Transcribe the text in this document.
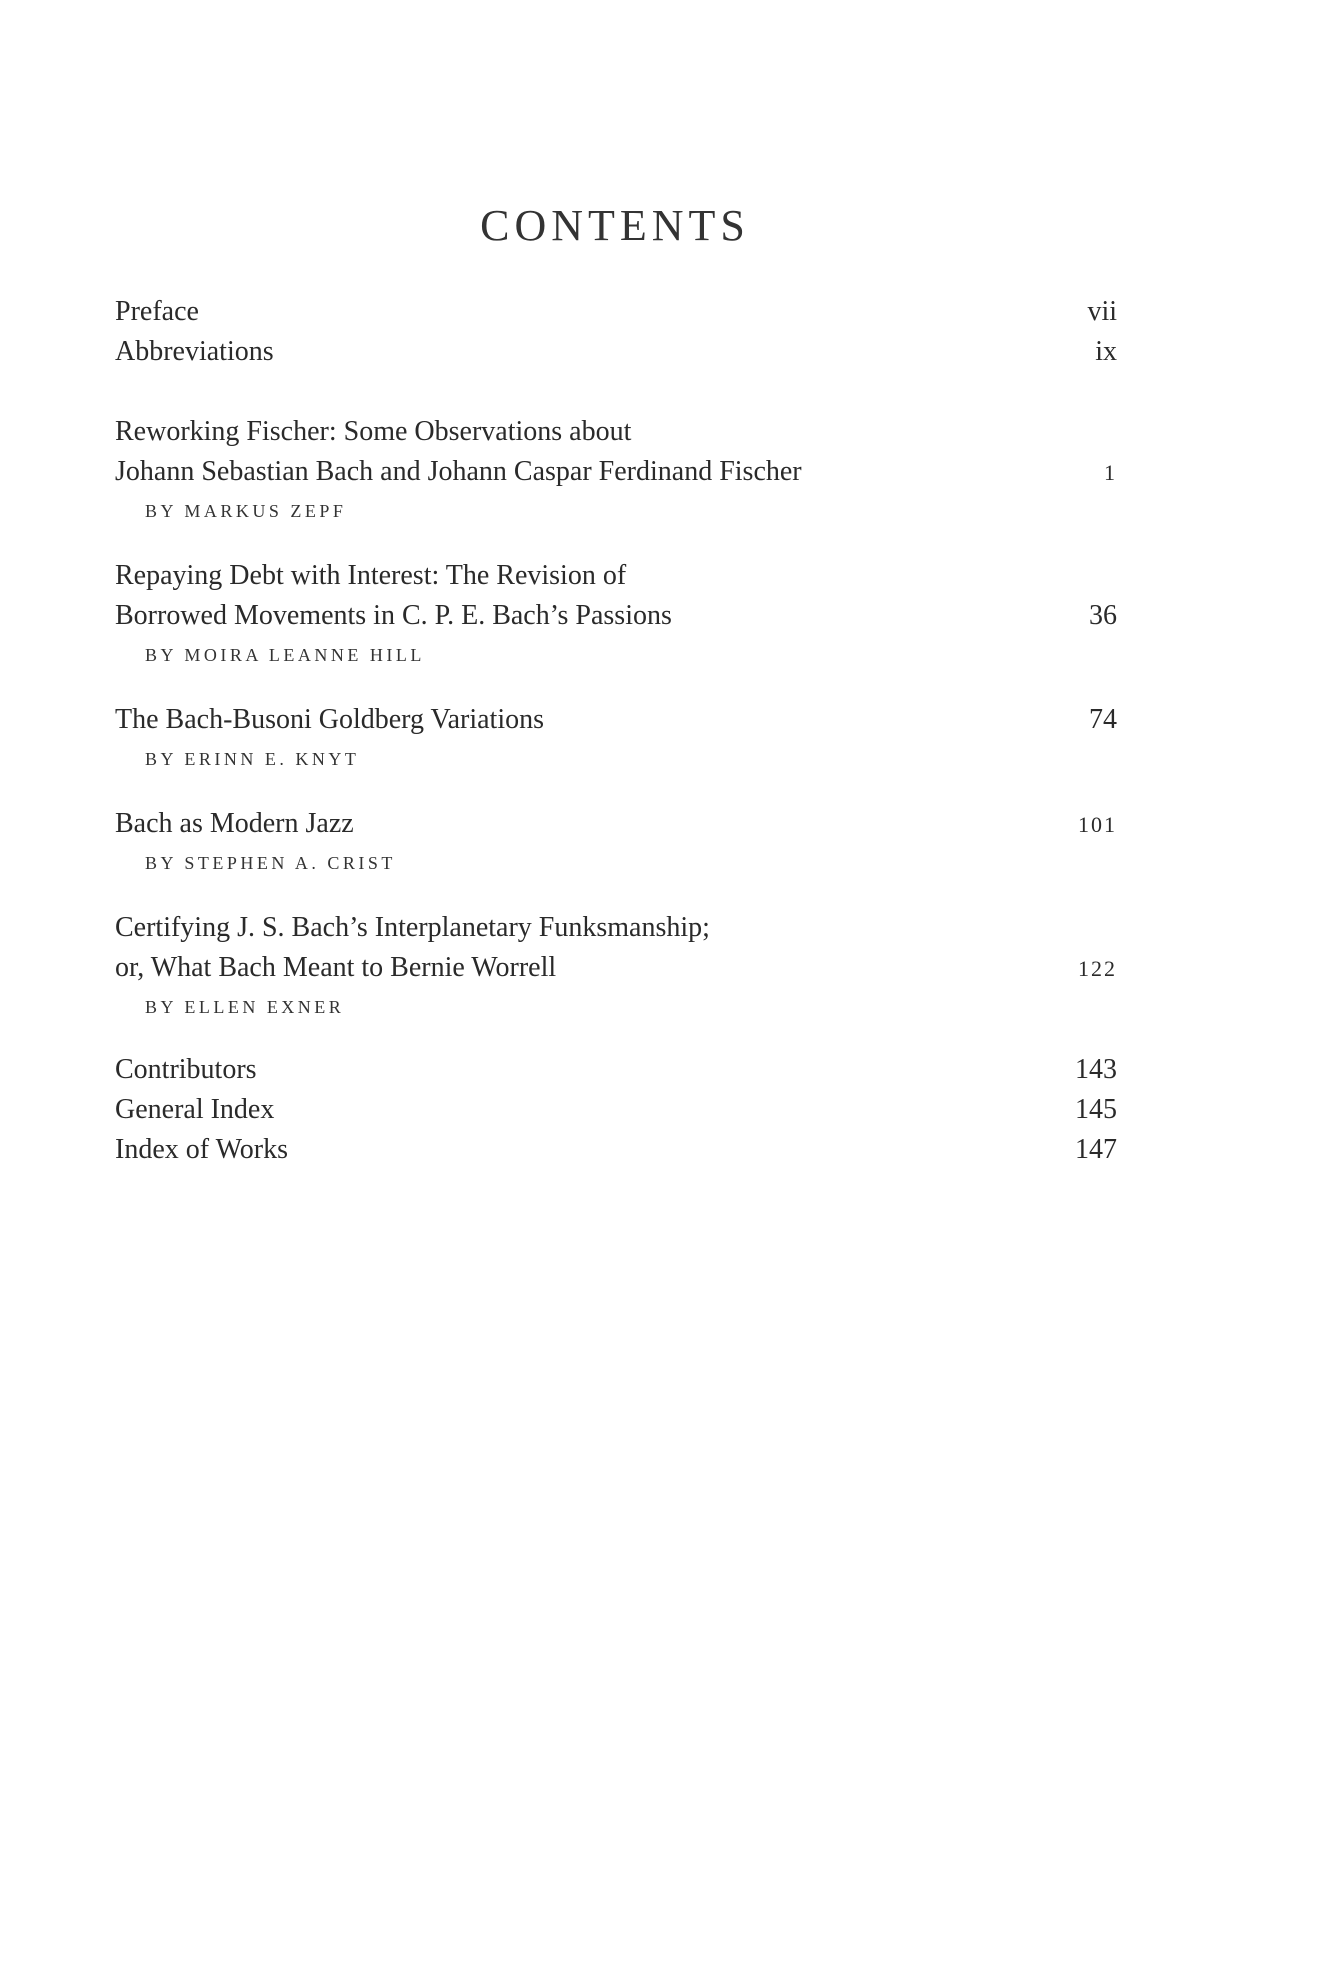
CONTENTS
Preface	vii
Abbreviations	ix
Reworking Fischer: Some Observations about
Johann Sebastian Bach and Johann Caspar Ferdinand Fischer	1
BY MARKUS ZEPF
Repaying Debt with Interest: The Revision of
Borrowed Movements in C. P. E. Bach’s Passions	36
BY MOIRA LEANNE HILL
The Bach-Busoni Goldberg Variations	74
BY ERINN E. KNYT
Bach as Modern Jazz	101
BY STEPHEN A. CRIST
Certifying J. S. Bach’s Interplanetary Funksmanship;
or, What Bach Meant to Bernie Worrell	122
BY ELLEN EXNER
Contributors	143
General Index	145
Index of Works	147
